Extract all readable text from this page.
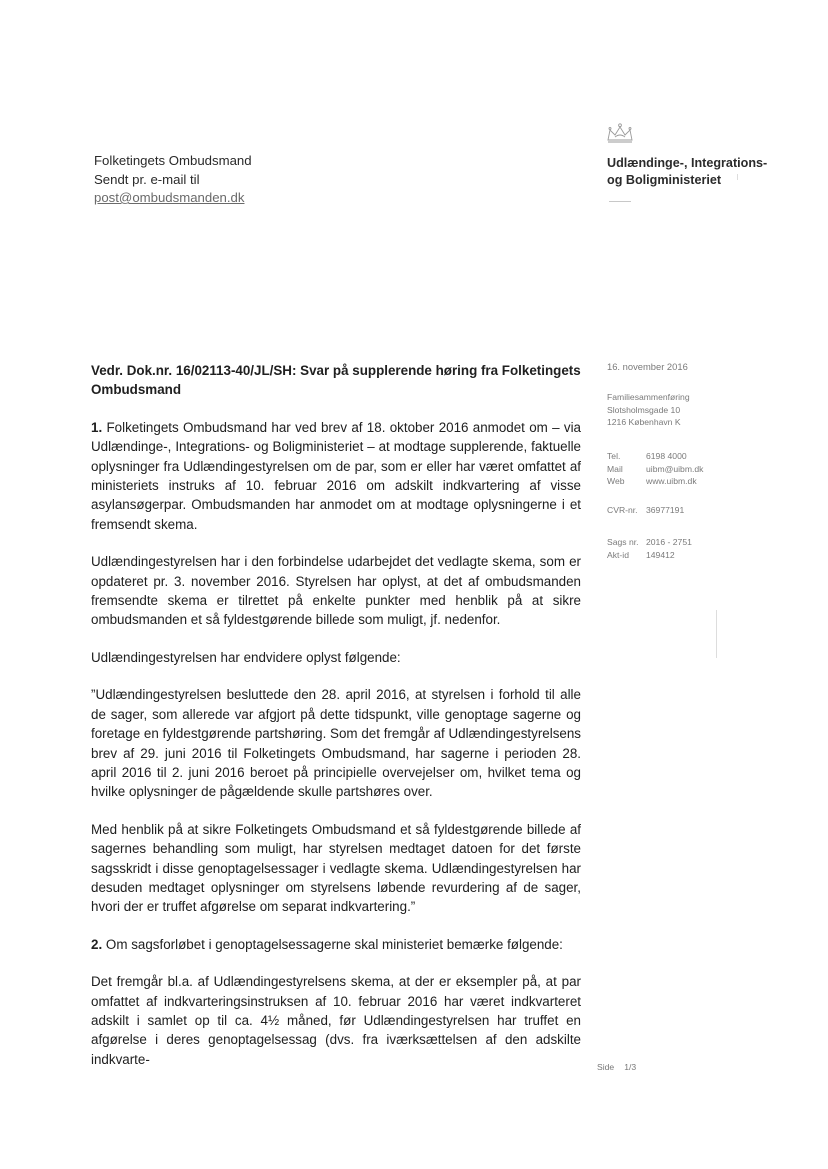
Folketingets Ombudsmand
Sendt pr. e-mail til
post@ombudsmanden.dk
Udlændinge-, Integrations-
og Boligministeriet
16. november 2016
Familiesammenføring
Slotsholmsgade 10
1216 København K
Tel.	6198 4000
Mail	uibm@uibm.dk
Web	www.uibm.dk
CVR-nr. 36977191
Sags nr. 2016 - 2751
Akt-id	149412

Vedr. Dok.nr. 16/02113-40/JL/SH: Svar på supplerende høring fra Folketingets Ombudsmand

1. Folketingets Ombudsmand har ved brev af 18. oktober 2016 anmodet om – via Udlændinge-, Integrations- og Boligministeriet – at modtage supplerende, faktuelle oplysninger fra Udlændingestyrelsen om de par, som er eller har været omfattet af ministeriets instruks af 10. februar 2016 om adskilt indkvartering af visse asylansøgerpar. Ombudsmanden har anmodet om at modtage oplysningerne i et fremsendt skema.

Udlændingestyrelsen har i den forbindelse udarbejdet det vedlagte skema, som er opdateret pr. 3. november 2016. Styrelsen har oplyst, at det af ombudsmanden fremsendte skema er tilrettet på enkelte punkter med henblik på at sikre ombudsmanden et så fyldestgørende billede som muligt, jf. nedenfor.

Udlændingestyrelsen har endvidere oplyst følgende:

”Udlændingestyrelsen besluttede den 28. april 2016, at styrelsen i forhold til alle de sager, som allerede var afgjort på dette tidspunkt, ville genoptage sagerne og foretage en fyldestgørende partshøring. Som det fremgår af Udlændingestyrelsens brev af 29. juni 2016 til Folketingets Ombudsmand, har sagerne i perioden 28. april 2016 til 2. juni 2016 beroet på principielle overvejelser om, hvilket tema og hvilke oplysninger de pågældende skulle partshøres over.

Med henblik på at sikre Folketingets Ombudsmand et så fyldestgørende billede af sagernes behandling som muligt, har styrelsen medtaget datoen for det første sagsskridt i disse genoptagelsessager i vedlagte skema. Udlændingestyrelsen har desuden medtaget oplysninger om styrelsens løbende revurdering af de sager, hvori der er truffet afgørelse om separat indkvartering.”

2. Om sagsforløbet i genoptagelsessagerne skal ministeriet bemærke følgende:

Det fremgår bl.a. af Udlændingestyrelsens skema, at der er eksempler på, at par omfattet af indkvarteringsinstruksen af 10. februar 2016 har været indkvarteret adskilt i samlet op til ca. 4½ måned, før Udlændingestyrelsen har truffet en afgørelse i deres genoptagelsessag (dvs. fra iværksættelsen af den adskilte indkvarte-

Side 1/3
